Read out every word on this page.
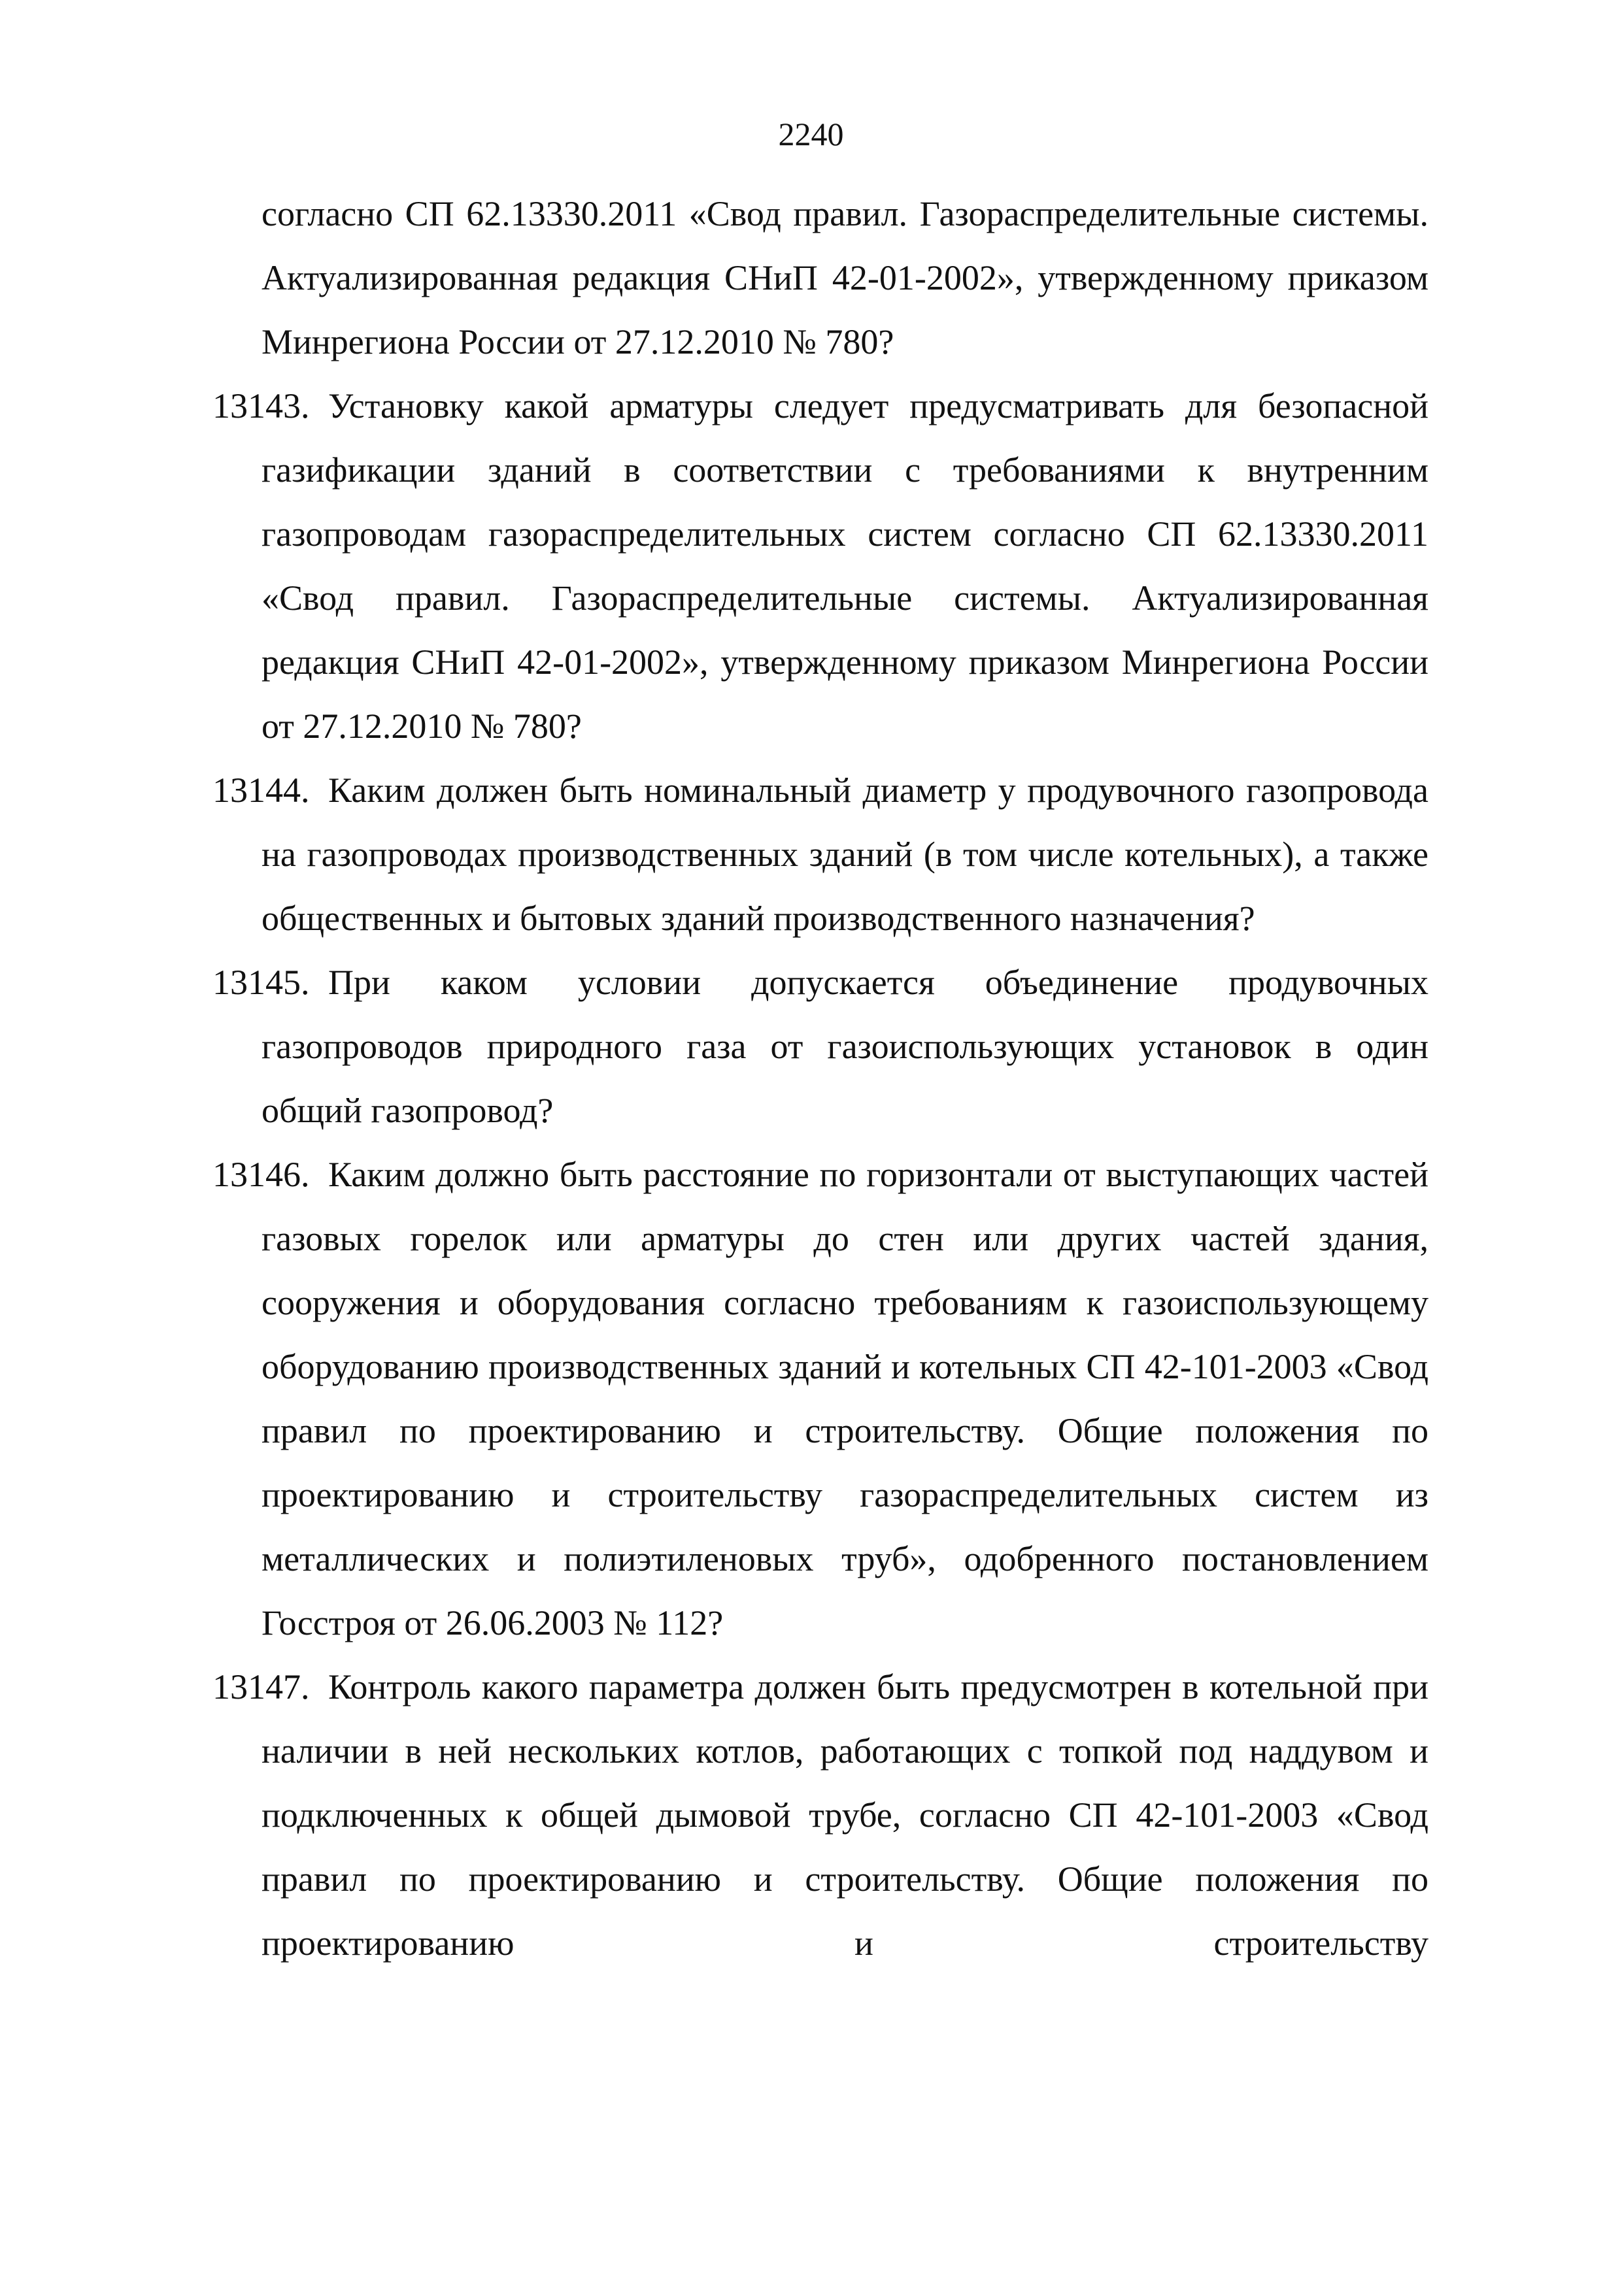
2240

согласно СП 62.13330.2011 «Свод правил. Газораспределительные системы. Актуализированная редакция СНиП 42-01-2002», утвержденному приказом Минрегиона России от 27.12.2010 № 780?

13143. Установку какой арматуры следует предусматривать для безопасной газификации зданий в соответствии с требованиями к внутренним газопроводам газораспределительных систем согласно СП 62.13330.2011 «Свод правил. Газораспределительные системы. Актуализированная редакция СНиП 42-01-2002», утвержденному приказом Минрегиона России от 27.12.2010 № 780?
13144. Каким должен быть номинальный диаметр у продувочного газопровода на газопроводах производственных зданий (в том числе котельных), а также общественных и бытовых зданий производственного назначения?
13145. При каком условии допускается объединение продувочных газопроводов природного газа от газоиспользующих установок в один общий газопровод?
13146. Каким должно быть расстояние по горизонтали от выступающих частей газовых горелок или арматуры до стен или других частей здания, сооружения и оборудования согласно требованиям к газоиспользующему оборудованию производственных зданий и котельных СП 42-101-2003 «Свод правил по проектированию и строительству. Общие положения по проектированию и строительству газораспределительных систем из металлических и полиэтиленовых труб», одобренного постановлением Госстроя от 26.06.2003 № 112?
13147. Контроль какого параметра должен быть предусмотрен в котельной при наличии в ней нескольких котлов, работающих с топкой под наддувом и подключенных к общей дымовой трубе, согласно СП 42-101-2003 «Свод правил по проектированию и строительству. Общие положения по проектированию и строительству
